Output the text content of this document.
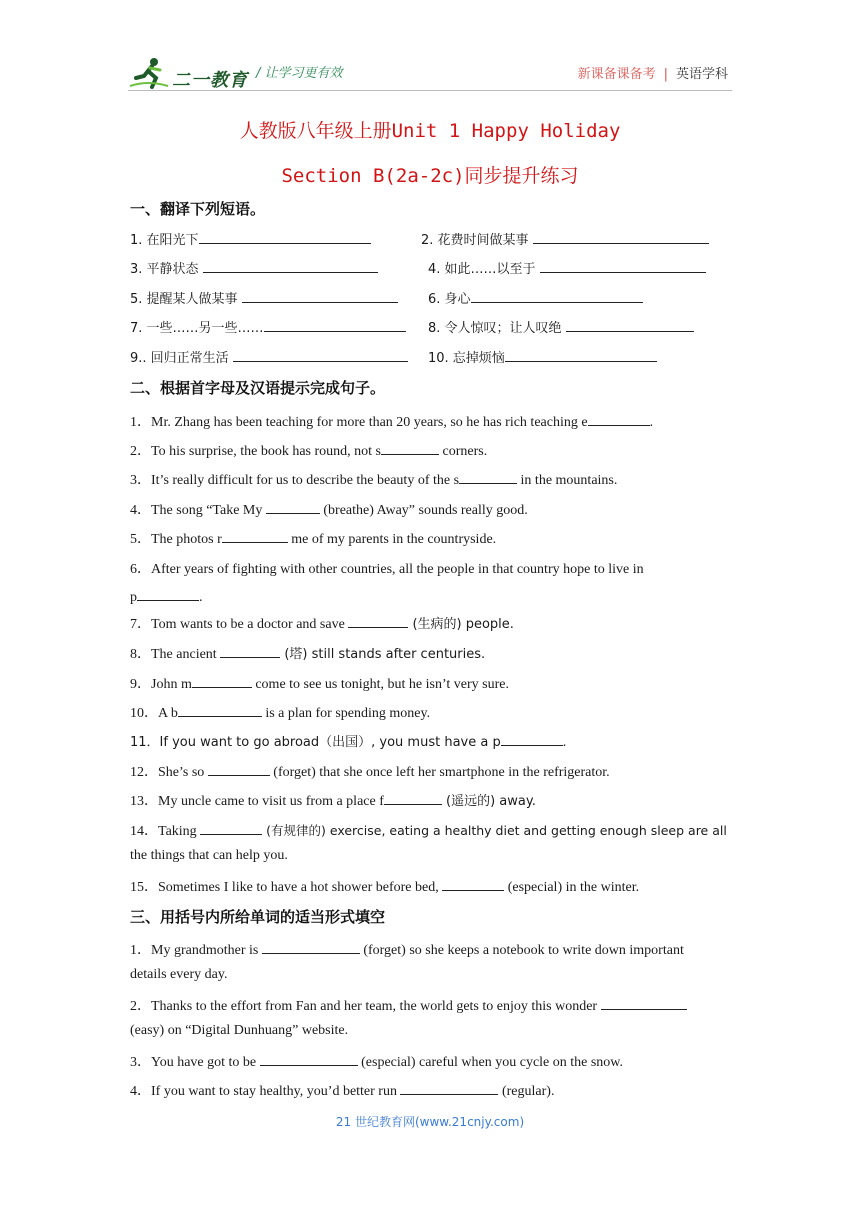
二一教育 / 让学习更有效	新课备课备考 | 英语学科
人教版八年级上册Unit 1 Happy Holiday
Section B(2a-2c)同步提升练习
一、翻译下列短语。
1. 在阳光下	2. 花费时间做某事
3. 平静状态	4. 如此……以至于
5. 提醒某人做某事	6. 身心
7. 一些……另一些……	8. 令人惊叹；让人叹绝
9.. 回归正常生活	10. 忘掉烦恼
二、根据首字母及汉语提示完成句子。
1．Mr. Zhang has been teaching for more than 20 years, so he has rich teaching e	.
2．To his surprise, the book has round, not s	corners.
3．It’s really difficult for us to describe the beauty of the s	in the mountains.
4．The song “Take My	(breathe) Away” sounds really good.
5．The photos r	me of my parents in the countryside.
6．After years of fighting with other countries, all the people in that country hope to live in
p	.
7．Tom wants to be a doctor and save	(生病的) people.
8．The ancient	(塔) still stands after centuries.
9．John m	come to see us tonight, but he isn’t very sure.
10．A b	is a plan for spending money.
11．If you want to go abroad（出国）, you must have a p	.
12．She’s so	(forget) that she once left her smartphone in the refrigerator.
13．My uncle came to visit us from a place f	(遥远的) away.
14．Taking	(有规律的) exercise, eating a healthy diet and getting enough sleep are all
the things that can help you.
15．Sometimes I like to have a hot shower before bed,	(especial) in the winter.
三、用括号内所给单词的适当形式填空
1．My grandmother is	(forget) so she keeps a notebook to write down important
details every day.
2．Thanks to the effort from Fan and her team, the world gets to enjoy this wonder
(easy) on “Digital Dunhuang” website.
3．You have got to be	(especial) careful when you cycle on the snow.
4．If you want to stay healthy, you’d better run	(regular).
21 世纪教育网(www.21cnjy.com)
